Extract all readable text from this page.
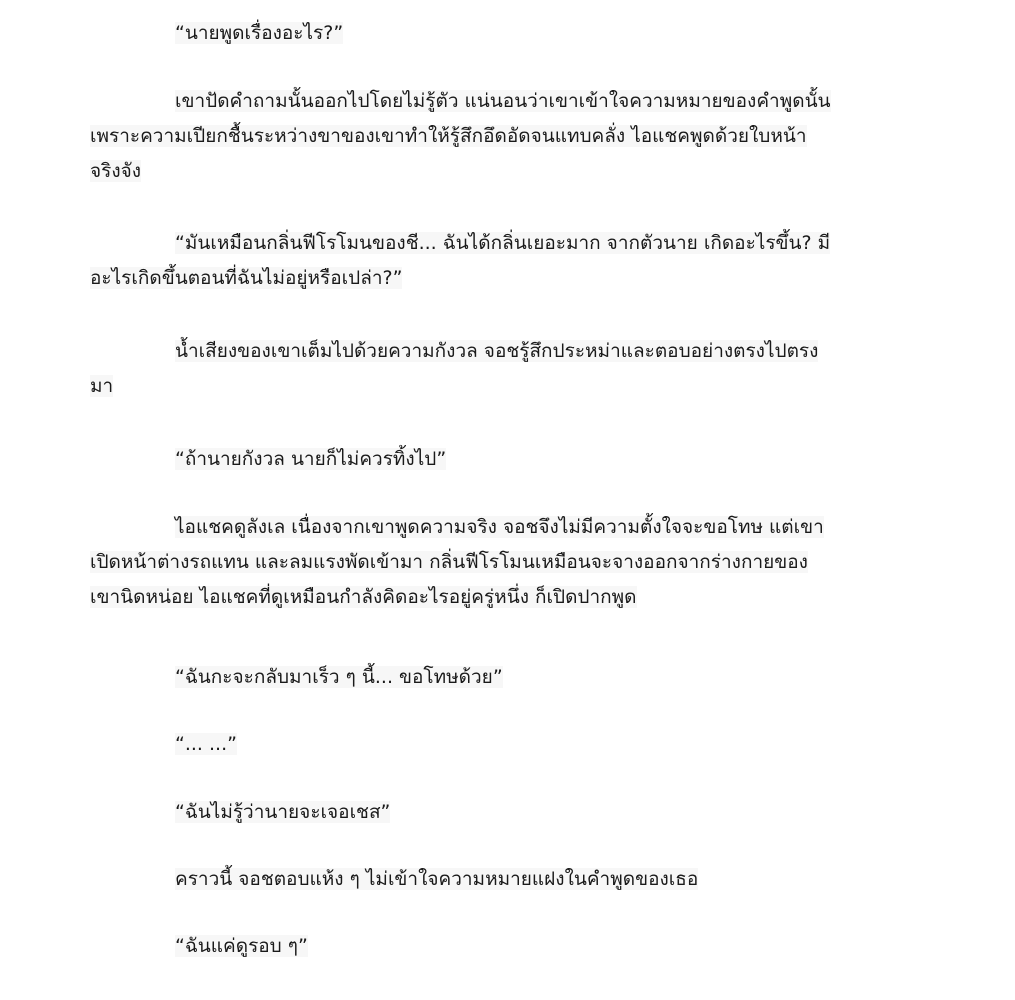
“นายพูดเรื่องอะไร?”

เขาปัดคำถามนั้นออกไปโดยไม่รู้ตัว แน่นอนว่าเขาเข้าใจความหมายของคำพูดนั้น
เพราะความเปียกชื้นระหว่างขาของเขาทำให้รู้สึกอึดอัดจนแทบคลั่ง ไอแชคพูดด้วยใบหน้า
จริงจัง

“มันเหมือนกลิ่นฟีโรโมนของชี... ฉันได้กลิ่นเยอะมาก จากตัวนาย เกิดอะไรขึ้น? มี
อะไรเกิดขึ้นตอนที่ฉันไม่อยู่หรือเปล่า?”

น้ำเสียงของเขาเต็มไปด้วยความกังวล จอชรู้สึกประหม่าและตอบอย่างตรงไปตรง
มา

“ถ้านายกังวล นายก็ไม่ควรทิ้งไป”

ไอแชคดูลังเล เนื่องจากเขาพูดความจริง จอชจึงไม่มีความตั้งใจจะขอโทษ แต่เขา
เปิดหน้าต่างรถแทน และลมแรงพัดเข้ามา กลิ่นฟีโรโมนเหมือนจะจางออกจากร่างกายของ
เขานิดหน่อย ไอแชคที่ดูเหมือนกำลังคิดอะไรอยู่ครู่หนึ่ง ก็เปิดปากพูด

“ฉันกะจะกลับมาเร็ว ๆ นี้... ขอโทษด้วย”

“... ...”

“ฉันไม่รู้ว่านายจะเจอเชส”

คราวนี้ จอชตอบแห้ง ๆ ไม่เข้าใจความหมายแฝงในคำพูดของเธอ

“ฉันแค่ดูรอบ ๆ”
